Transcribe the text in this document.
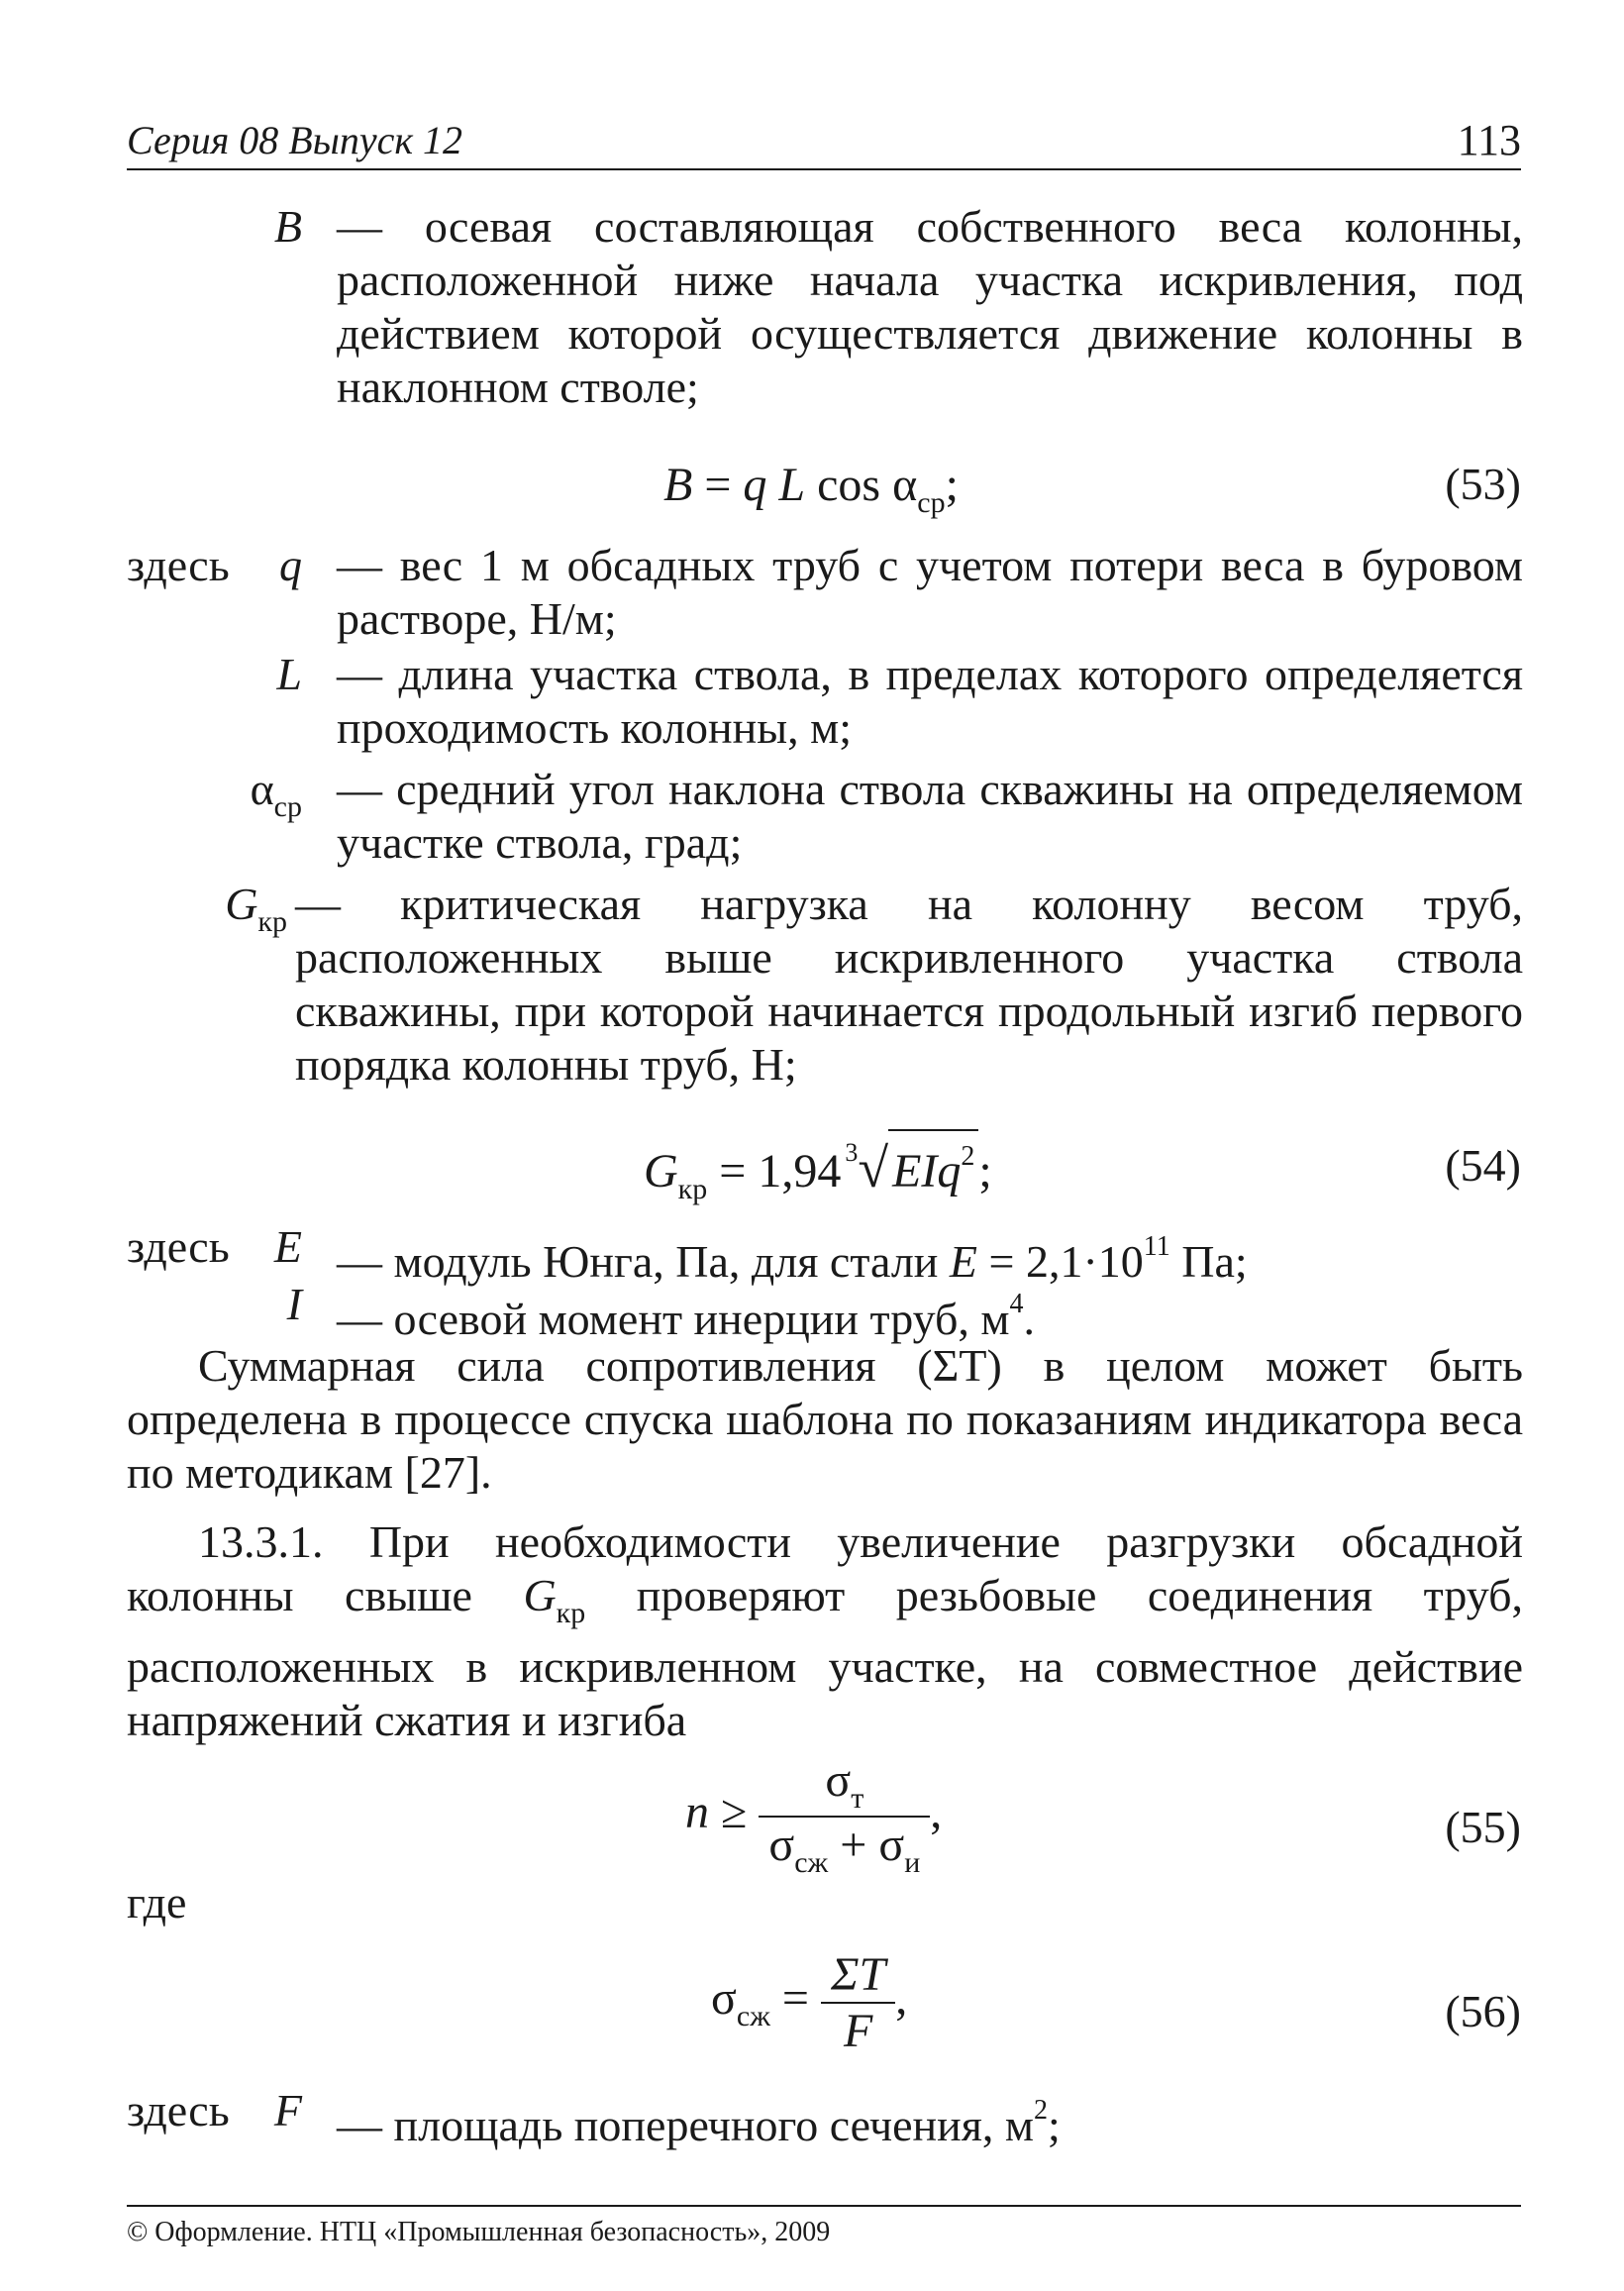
Серия 08 Выпуск 12	113
B — осевая составляющая собственного веса колонны, расположенной ниже начала участка искривления, под действием которой осуществляется движение колонны в наклонном стволе;
B = q L $\cos \alpha_{ср}$;	(53)
здесь q — вес 1 м обсадных труб с учетом потери веса в буровом растворе, Н/м;
L — длина участка ствола, в пределах которого определяется проходимость колонны, м;
$\alpha_{ср}$ — средний угол наклона ствола скважины на определяемом участке ствола, град;
$G_{кр}$ — критическая нагрузка на колонну весом труб, расположенных выше искривленного участка ствола скважины, при которой начинается продольный изгиб первого порядка колонны труб, Н;
$G_{кр} = 1,94$ $^3$√EIq$^2$;	(54)
здесь E — модуль Юнга, Па, для стали $E = 2,1\cdot 10^{11}$ Па;
I — осевой момент инерции труб, $м^4$.
Суммарная сила сопротивления (ΣT) в целом может быть определена в процессе спуска шаблона по показаниям индикатора веса по методикам [27].
13.3.1. При необходимости увеличение разгрузки обсадной колонны свыше $G_{кр}$ проверяют резьбовые соединения труб, расположенных в искривленном участке, на совместное действие напряжений сжатия и изгиба
$n \ge \frac{\sigma_т}{\sigma_{сж} + \sigma_и}$ ,	(55)
где
$\sigma_{сж} = \frac{\Sigma T}{F}$ ,	(56)
здесь F — площадь поперечного сечения, $м^2$;
© Оформление. НТЦ «Промышленная безопасность», 2009
